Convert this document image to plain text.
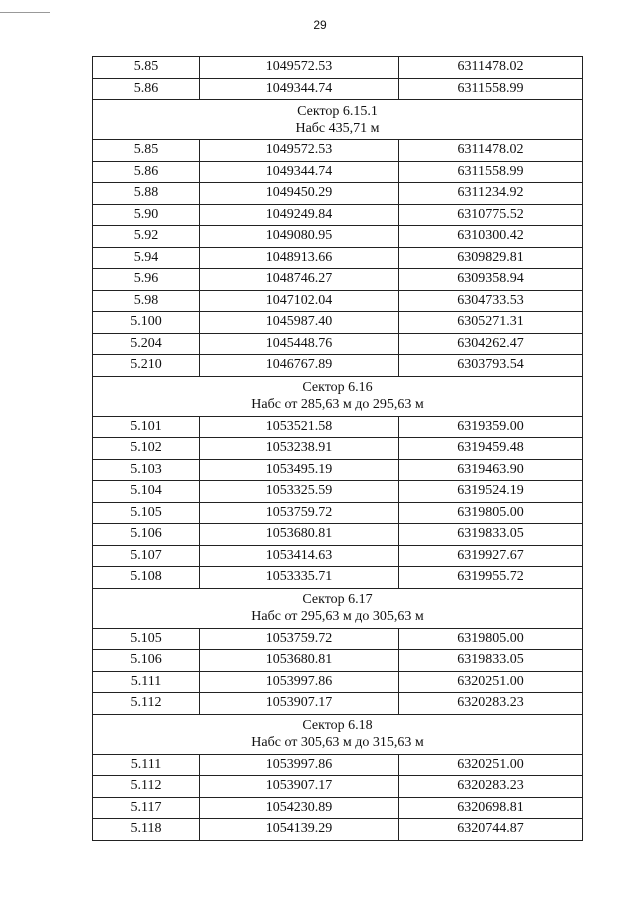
29
5.85	1049572.53	6311478.02
5.86	1049344.74	6311558.99

Сектор 6.15.1
Набс 435,71 м		

5.85	1049572.53	6311478.02
5.86	1049344.74	6311558.99
5.88	1049450.29	6311234.92
5.90	1049249.84	6310775.52
5.92	1049080.95	6310300.42
5.94	1048913.66	6309829.81
5.96	1048746.27	6309358.94
5.98	1047102.04	6304733.53
5.100	1045987.40	6305271.31
5.204	1045448.76	6304262.47
5.210	1046767.89	6303793.54

Сектор 6.16
Набс от 285,63 м до 295,63 м		

5.101	1053521.58	6319359.00
5.102	1053238.91	6319459.48
5.103	1053495.19	6319463.90
5.104	1053325.59	6319524.19
5.105	1053759.72	6319805.00
5.106	1053680.81	6319833.05
5.107	1053414.63	6319927.67
5.108	1053335.71	6319955.72

Сектор 6.17
Набс от 295,63 м до 305,63 м		

5.105	1053759.72	6319805.00
5.106	1053680.81	6319833.05
5.111	1053997.86	6320251.00
5.112	1053907.17	6320283.23

Сектор 6.18
Набс от 305,63 м до 315,63 м		

5.111	1053997.86	6320251.00
5.112	1053907.17	6320283.23
5.117	1054230.89	6320698.81
5.118	1054139.29	6320744.87
